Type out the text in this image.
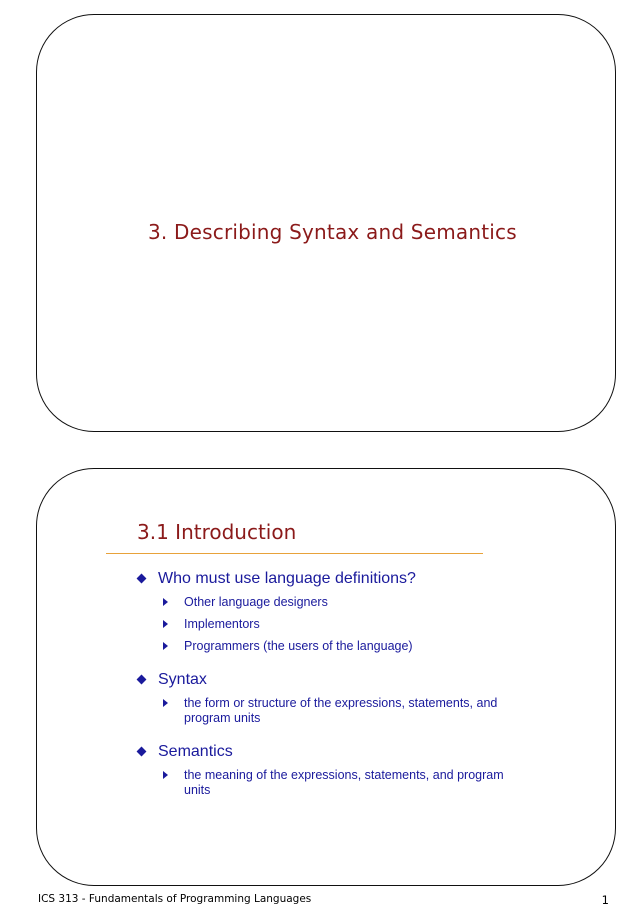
3. Describing Syntax and Semantics
3.1 Introduction
Who must use language definitions?
Other language designers
Implementors
Programmers (the users of the language)
Syntax
the form or structure of the expressions, statements, and program units
Semantics
the meaning of the expressions, statements, and program units

ICS 313 - Fundamentals of Programming Languages	1
